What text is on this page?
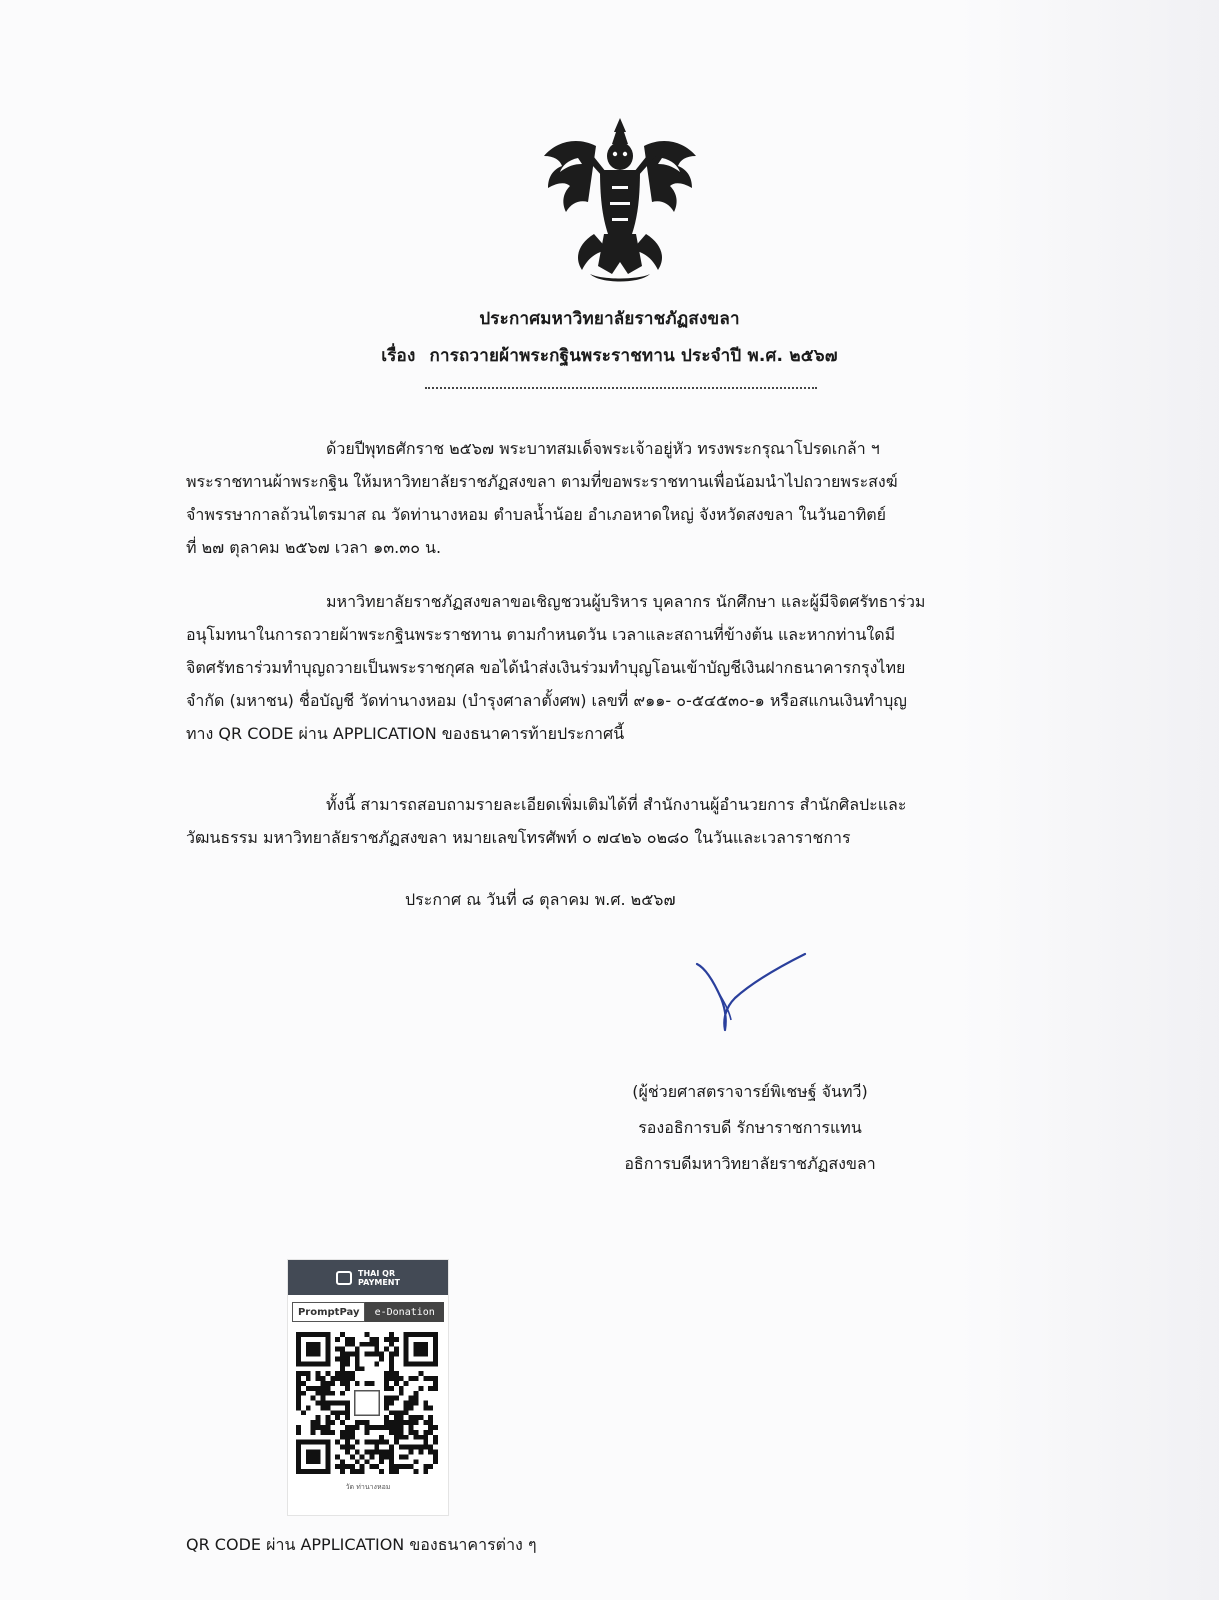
ประกาศมหาวิทยาลัยราชภัฏสงขลา
เรื่อง การถวายผ้าพระกฐินพระราชทาน ประจำปี พ.ศ. ๒๕๖๗
ด้วยปีพุทธศักราช ๒๕๖๗ พระบาทสมเด็จพระเจ้าอยู่หัว ทรงพระกรุณาโปรดเกล้า ฯ
พระราชทานผ้าพระกฐิน ให้มหาวิทยาลัยราชภัฏสงขลา ตามที่ขอพระราชทานเพื่อน้อมนำไปถวายพระสงฆ์
จำพรรษากาลถ้วนไตรมาส ณ วัดท่านางหอม ตำบลน้ำน้อย อำเภอหาดใหญ่ จังหวัดสงขลา ในวันอาทิตย์
ที่ ๒๗ ตุลาคม ๒๕๖๗ เวลา ๑๓.๓๐ น.
มหาวิทยาลัยราชภัฏสงขลาขอเชิญชวนผู้บริหาร บุคลากร นักศึกษา และผู้มีจิตศรัทธาร่วม
อนุโมทนาในการถวายผ้าพระกฐินพระราชทาน ตามกำหนดวัน เวลาและสถานที่ข้างต้น และหากท่านใดมี
จิตศรัทธาร่วมทำบุญถวายเป็นพระราชกุศล ขอได้นำส่งเงินร่วมทำบุญโอนเข้าบัญชีเงินฝากธนาคารกรุงไทย
จำกัด (มหาชน) ชื่อบัญชี วัดท่านางหอม (บำรุงศาลาตั้งศพ) เลขที่ ๙๑๑- ๐-๕๔๕๓๐-๑ หรือสแกนเงินทำบุญ
ทาง QR CODE ผ่าน APPLICATION ของธนาคารท้ายประกาศนี้
ทั้งนี้ สามารถสอบถามรายละเอียดเพิ่มเติมได้ที่ สำนักงานผู้อำนวยการ สำนักศิลปะและ
วัฒนธรรม มหาวิทยาลัยราชภัฏสงขลา หมายเลขโทรศัพท์ ๐ ๗๔๒๖ ๐๒๘๐ ในวันและเวลาราชการ
ประกาศ ณ วันที่ ๘ ตุลาคม พ.ศ. ๒๕๖๗
(ผู้ช่วยศาสตราจารย์พิเชษฐ์ จันทวี)
รองอธิการบดี รักษาราชการแทน
อธิการบดีมหาวิทยาลัยราชภัฏสงขลา
THAI QR
PAYMENT
PromptPay	e-Donation
วัด ท่านางหอม
QR CODE ผ่าน APPLICATION ของธนาคารต่าง ๆ
